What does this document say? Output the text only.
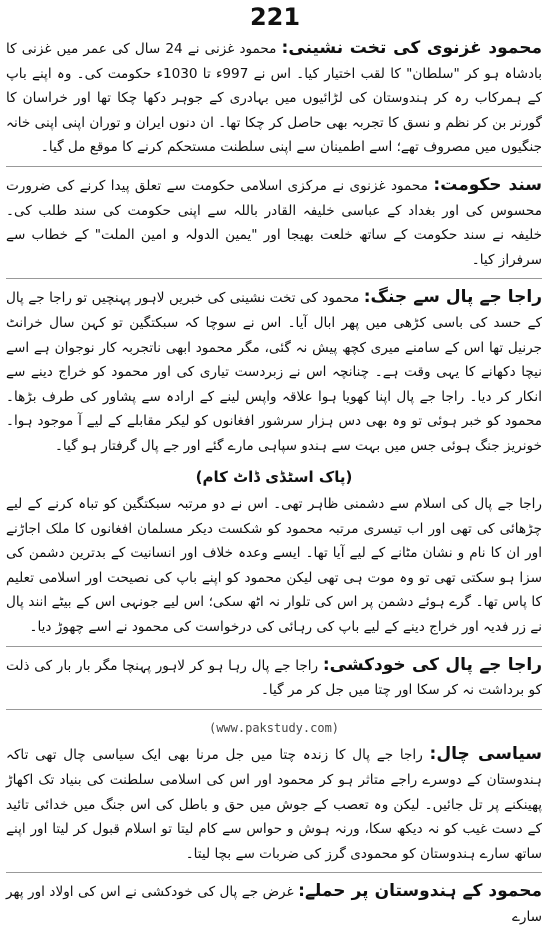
221
محمود غزنوی کی تخت نشینی: محمود غزنی نے 24 سال کی عمر میں غزنی کا بادشاہ ہو کر "سلطان" کا لقب اختیار کیا۔ اس نے 997ء تا 1030ء حکومت کی۔ وہ اپنے باپ کے ہمرکاب رہ کر ہندوستان کی لڑائیوں میں بہادری کے جوہر دکھا چکا تھا اور خراسان کا گورنر بن کر نظم و نسق کا تجربہ بھی حاصل کر چکا تھا۔ ان دنوں ایران و توران اپنی اپنی خانہ جنگیوں میں مصروف تھے؛ اسے اطمینان سے اپنی سلطنت مستحکم کرنے کا موقع مل گیا۔
سند حکومت: محمود غزنوی نے مرکزی اسلامی حکومت سے تعلق پیدا کرنے کی ضرورت محسوس کی اور بغداد کے عباسی خلیفہ القادر باللہ سے اپنی حکومت کی سند طلب کی۔ خلیفہ نے سند حکومت کے ساتھ خلعت بھیجا اور "یمین الدولہ و امین الملت" کے خطاب سے سرفراز کیا۔
راجا جے پال سے جنگ: محمود کی تخت نشینی کی خبریں لاہور پہنچیں تو راجا جے پال کے حسد کی باسی کڑھی میں پھر ابال آیا۔ اس نے سوچا کہ سبکتگین تو کہن سال خرانٹ جرنیل تھا اس کے سامنے میری کچھ پیش نہ گئی، مگر محمود ابھی ناتجربہ کار نوجوان ہے اسے نیچا دکھانے کا یہی وقت ہے۔ چنانچہ اس نے زبردست تیاری کی اور محمود کو خراج دینے سے انکار کر دیا۔ راجا جے پال اپنا کھویا ہوا علاقہ واپس لینے کے ارادہ سے پشاور کی طرف بڑھا۔ محمود کو خبر ہوئی تو وہ بھی دس ہزار سرشور افغانوں کو لیکر مقابلے کے لیے آ موجود ہوا۔ خونریز جنگ ہوئی جس میں بہت سے ہندو سپاہی مارے گئے اور جے پال گرفتار ہو گیا۔
(پاک اسٹڈی ڈاٹ کام)
راجا جے پال کی اسلام سے دشمنی ظاہر تھی۔ اس نے دو مرتبہ سبکتگین کو تباہ کرنے کے لیے چڑھائی کی تھی اور اب تیسری مرتبہ محمود کو شکست دیکر مسلمان افغانوں کا ملک اجاڑنے اور ان کا نام و نشان مٹانے کے لیے آیا تھا۔ ایسے وعدہ خلاف اور انسانیت کے بدترین دشمن کی سزا ہو سکتی تھی تو وہ موت ہی تھی لیکن محمود کو اپنے باپ کی نصیحت اور اسلامی تعلیم کا پاس تھا۔ گرے ہوئے دشمن پر اس کی تلوار نہ اٹھ سکی؛ اس لیے جونہی اس کے بیٹے انند پال نے زر فدیہ اور خراج دینے کے لیے باپ کی رہائی کی درخواست کی محمود نے اسے چھوڑ دیا۔
راجا جے پال کی خودکشی: راجا جے پال رہا ہو کر لاہور پہنچا مگر بار بار کی ذلت کو برداشت نہ کر سکا اور چتا میں جل کر مر گیا۔
(www.pakstudy.com)
سیاسی چال: راجا جے پال کا زندہ چتا میں جل مرنا بھی ایک سیاسی چال تھی تاکہ ہندوستان کے دوسرے راجے متاثر ہو کر محمود اور اس کی اسلامی سلطنت کی بنیاد تک اکھاڑ پھینکنے پر تل جائیں۔ لیکن وہ تعصب کے جوش میں حق و باطل کی اس جنگ میں خدائی تائید کے دست غیب کو نہ دیکھ سکا، ورنہ ہوش و حواس سے کام لیتا تو اسلام قبول کر لیتا اور اپنے ساتھ سارے ہندوستان کو محمودی گرز کی ضربات سے بچا لیتا۔
محمود کے ہندوستان پر حملے: غرض جے پال کی خودکشی نے اس کی اولاد اور پھر سارے
